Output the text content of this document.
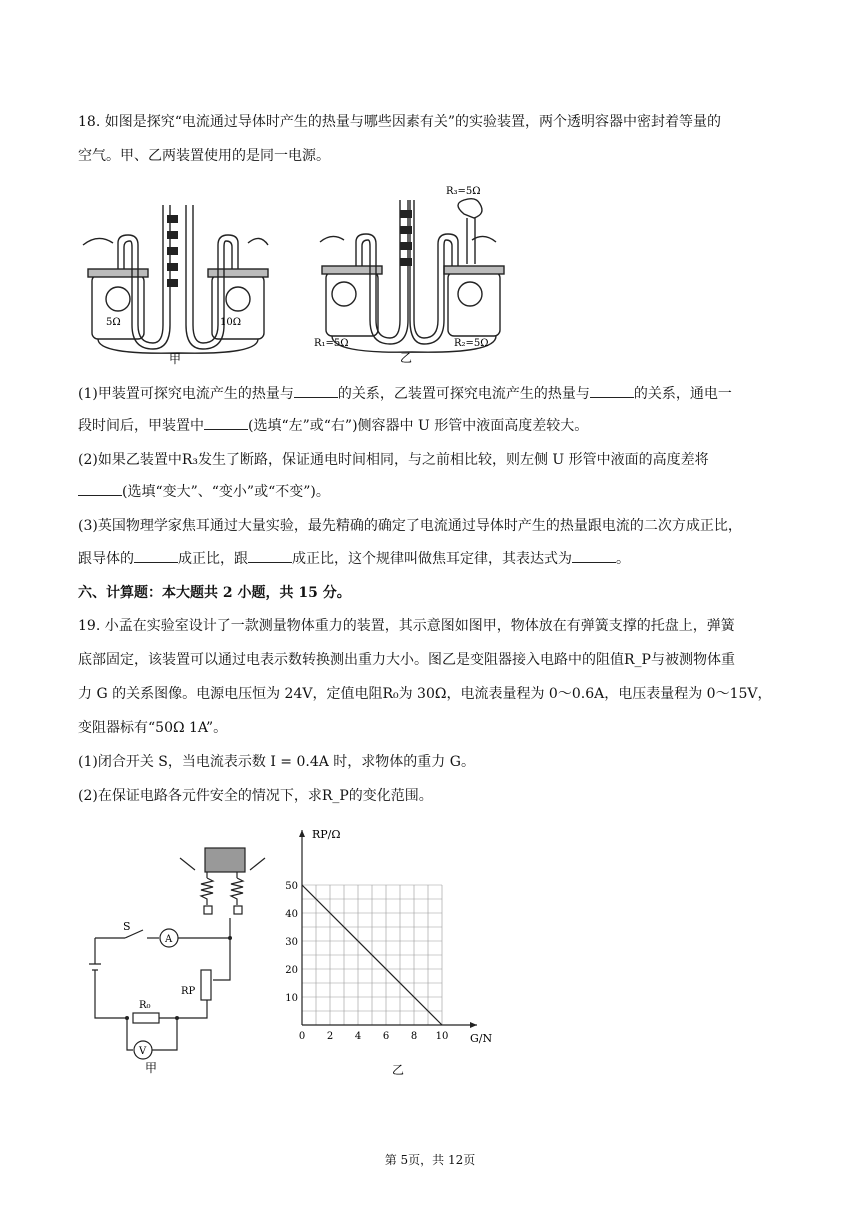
18. 如图是探究“电流通过导体时产生的热量与哪些因素有关”的实验装置，两个透明容器中密封着等量的
空气。甲、乙两装置使用的是同一电源。
5Ω	10Ω
甲
R₃=5Ω
R₁=5Ω	R₂=5Ω
乙
(1)甲装置可探究电流产生的热量与	的关系，乙装置可探究电流产生的热量与	的关系，通电一
段时间后，甲装置中	(选填“左”或“右”)侧容器中 U 形管中液面高度差较大。
(2)如果乙装置中R₃发生了断路，保证通电时间相同，与之前相比较，则左侧 U 形管中液面的高度差将
(选填“变大”、“变小”或“不变”)。
(3)英国物理学家焦耳通过大量实验，最先精确的确定了电流通过导体时产生的热量跟电流的二次方成正比，
跟导体的	成正比，跟	成正比，这个规律叫做焦耳定律，其表达式为	。
六、计算题：本大题共 2 小题，共 15 分。
19. 小孟在实验室设计了一款测量物体重力的装置，其示意图如图甲，物体放在有弹簧支撑的托盘上，弹簧
底部固定，该装置可以通过电表示数转换测出重力大小。图乙是变阻器接入电路中的阻值R_P与被测物体重
力 G 的关系图像。电源电压恒为 24V，定值电阻R₀为 30Ω，电流表量程为 0～0.6A，电压表量程为 0～15V，
变阻器标有“50Ω 1A”。
(1)闭合开关 S，当电流表示数 I = 0.4A 时，求物体的重力 G。
(2)在保证电路各元件安全的情况下，求R_P的变化范围。
S
A
V
R₀
RP
甲
0 2 4 6 8 10
10
20
30
40
50
RP/Ω
G/N
乙
第 5页，共 12页
